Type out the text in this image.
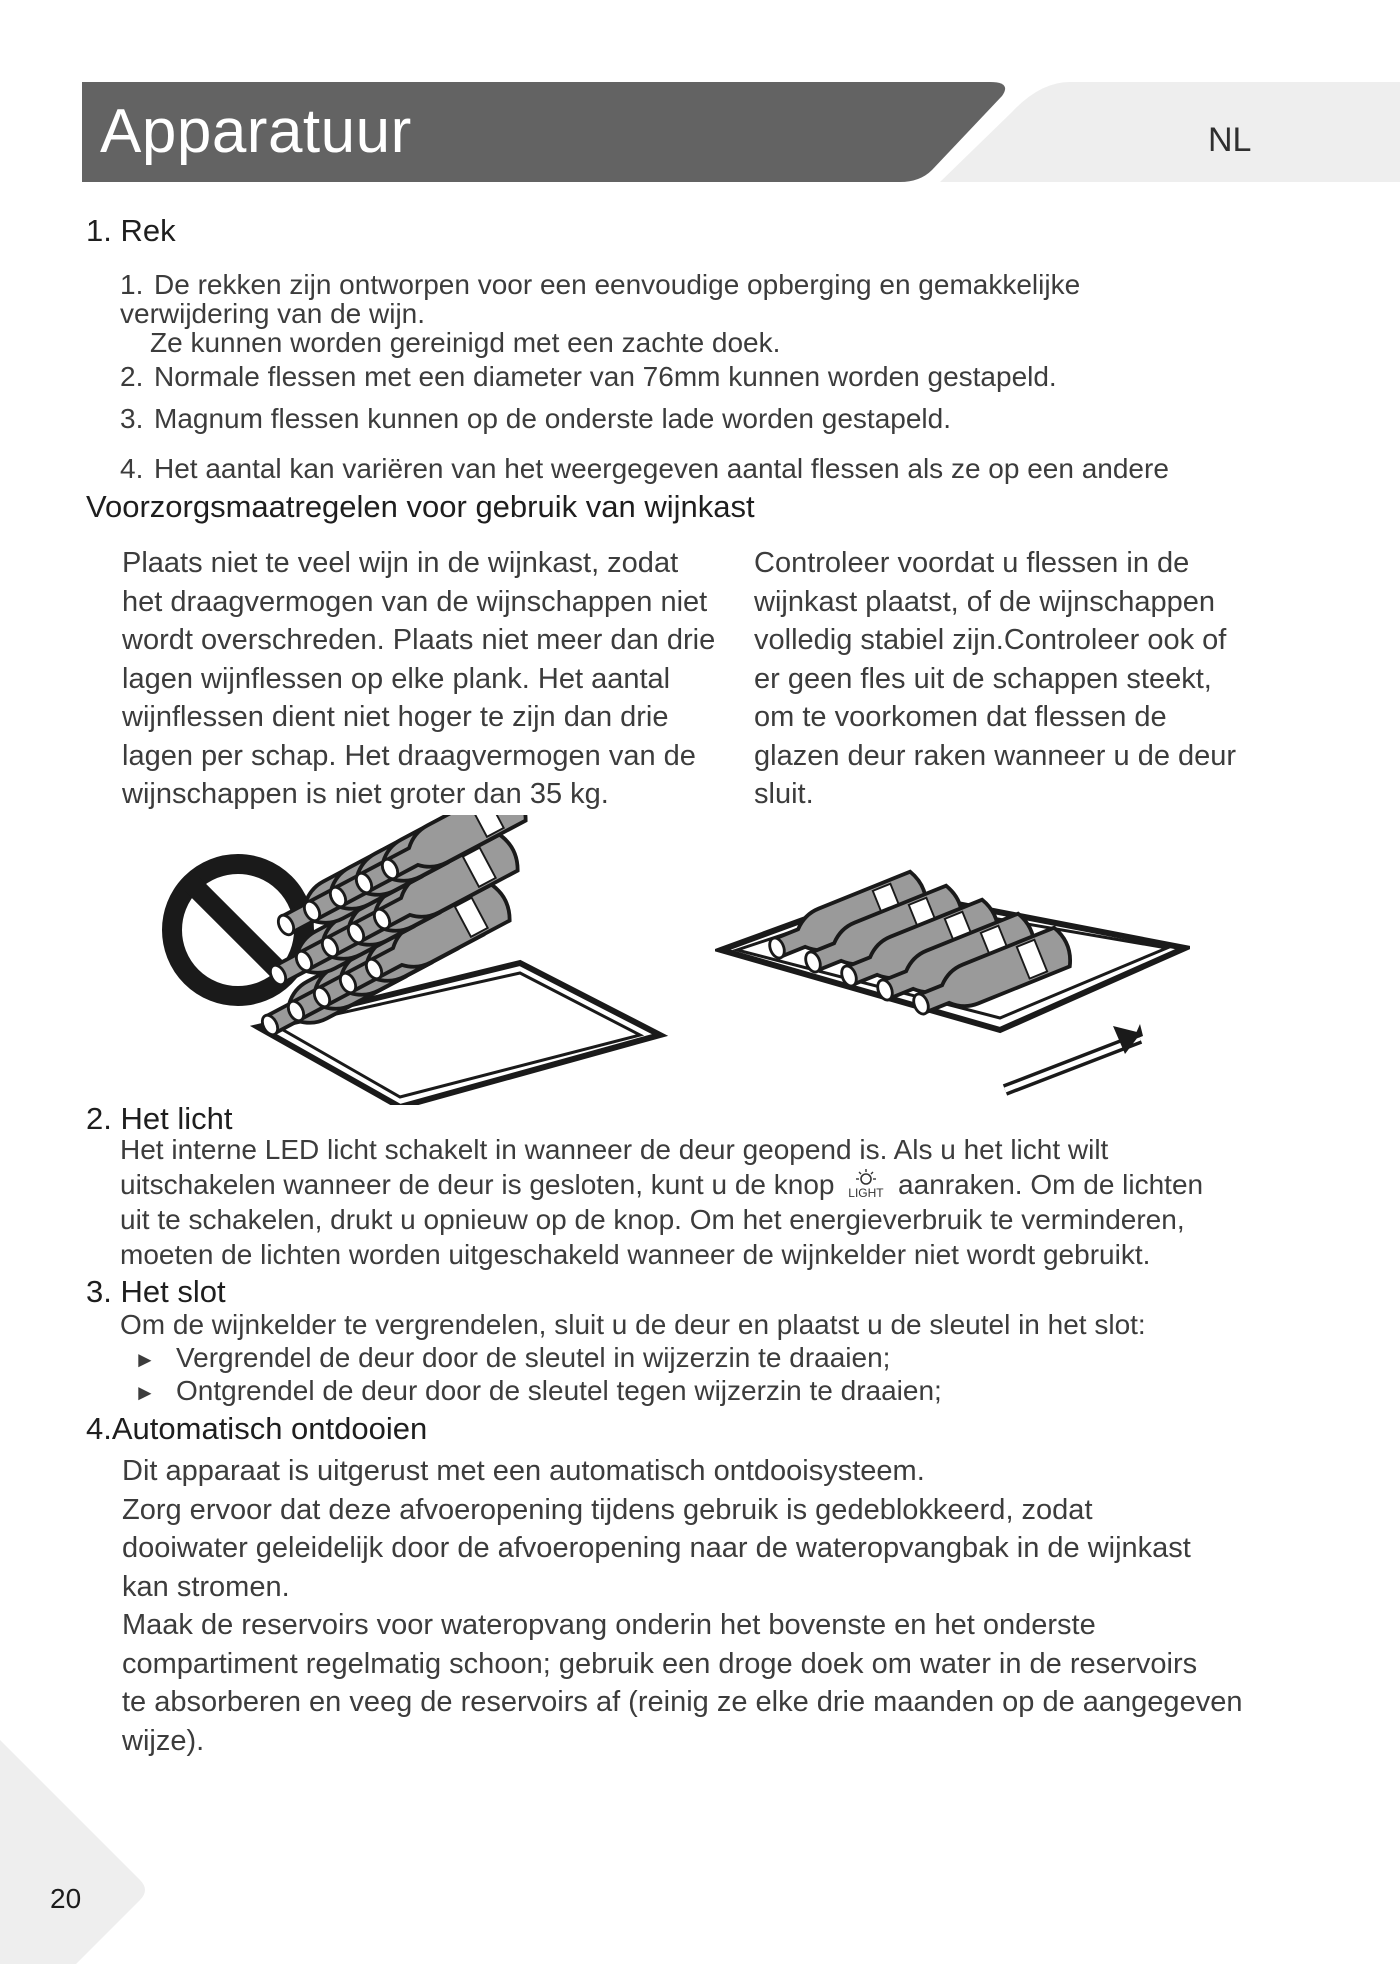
Apparatuur	NL
1. Rek
1. De rekken zijn ontworpen voor een eenvoudige opberging en gemakkelijke
verwijdering van de wijn.
Ze kunnen worden gereinigd met een zachte doek.
2. Normale flessen met een diameter van 76mm kunnen worden gestapeld.
3. Magnum flessen kunnen op de onderste lade worden gestapeld.
4. Het aantal kan variëren van het weergegeven aantal flessen als ze op een andere
Voorzorgsmaatregelen voor gebruik van wijnkast
Plaats niet te veel wijn in de wijnkast, zodat
het draagvermogen van de wijnschappen niet
wordt overschreden. Plaats niet meer dan drie
lagen wijnflessen op elke plank. Het aantal
wijnflessen dient niet hoger te zijn dan drie
lagen per schap. Het draagvermogen van de
wijnschappen is niet groter dan 35 kg.
Controleer voordat u flessen in de
wijnkast plaatst, of de wijnschappen
volledig stabiel zijn.Controleer ook of
er geen fles uit de schappen steekt,
om te voorkomen dat flessen de
glazen deur raken wanneer u de deur
sluit.
2. Het licht
Het interne LED licht schakelt in wanneer de deur geopend is. Als u het licht wilt
uitschakelen wanneer de deur is gesloten, kunt u de knop LIGHT aanraken. Om de lichten
uit te schakelen, drukt u opnieuw op de knop. Om het energieverbruik te verminderen,
moeten de lichten worden uitgeschakeld wanneer de wijnkelder niet wordt gebruikt.
3. Het slot
Om de wijnkelder te vergrendelen, sluit u de deur en plaatst u de sleutel in het slot:
► Vergrendel de deur door de sleutel in wijzerzin te draaien;
► Ontgrendel de deur door de sleutel tegen wijzerzin te draaien;
4.Automatisch ontdooien
Dit apparaat is uitgerust met een automatisch ontdooisysteem.
Zorg ervoor dat deze afvoeropening tijdens gebruik is gedeblokkeerd, zodat
dooiwater geleidelijk door de afvoeropening naar de wateropvangbak in de wijnkast
kan stromen.
Maak de reservoirs voor wateropvang onderin het bovenste en het onderste
compartiment regelmatig schoon; gebruik een droge doek om water in de reservoirs
te absorberen en veeg de reservoirs af (reinig ze elke drie maanden op de aangegeven
wijze).
20
